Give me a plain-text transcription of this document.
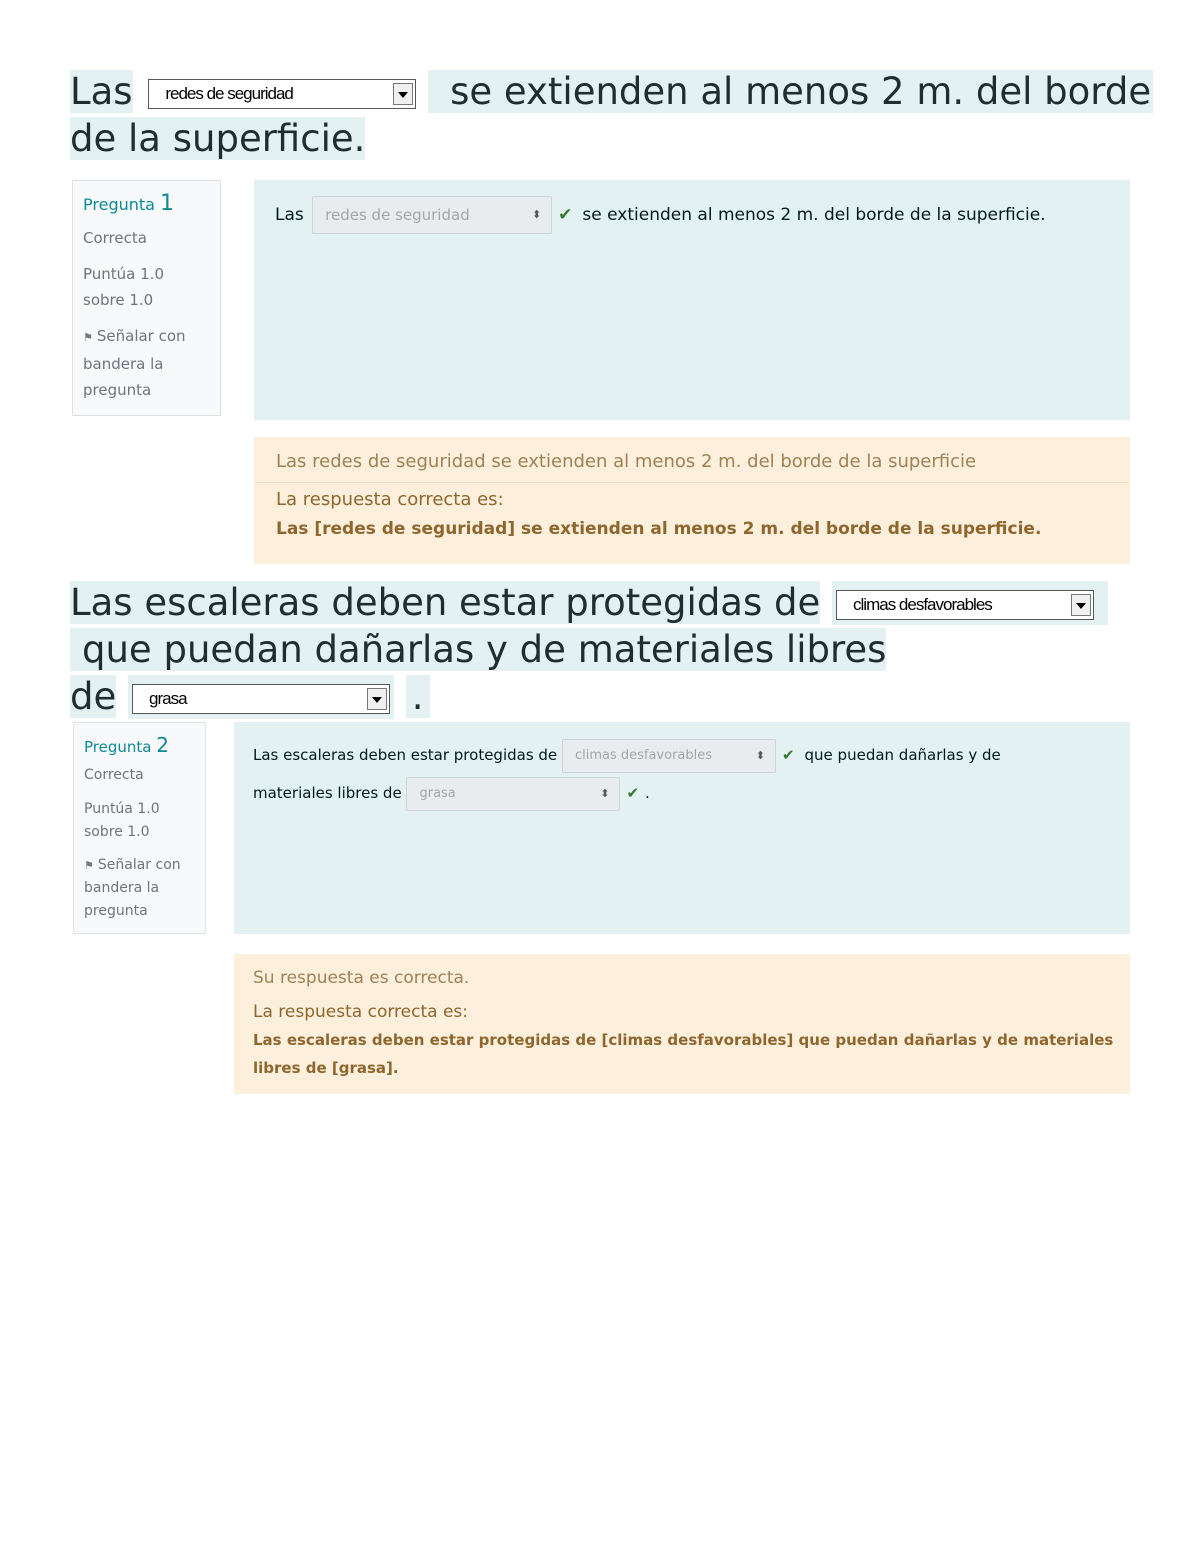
Las redes de seguridad	se extienden al menos 2 m. del borde
de la superficie.
Pregunta 1
Correcta
Puntúa 1.0
sobre 1.0
⚑ Señalar con
bandera la
pregunta
Las redes de seguridad ⬍	✔ se extienden al menos 2 m. del borde de la superficie.
Las redes de seguridad se extienden al menos 2 m. del borde de la superficie
La respuesta correcta es:
Las [redes de seguridad] se extienden al menos 2 m. del borde de la superficie.
Las escaleras deben estar protegidas de climas desfavorables
que puedan dañarlas y de materiales libres
de grasa	.
Pregunta 2
Correcta
Puntúa 1.0
sobre 1.0
⚑ Señalar con
bandera la
pregunta
Las escaleras deben estar protegidas de climas desfavorables ⬍	✔ que puedan dañarlas y de
materiales libres de grasa ⬍	✔ .
Su respuesta es correcta.
La respuesta correcta es:
Las escaleras deben estar protegidas de [climas desfavorables] que puedan dañarlas y de materiales
libres de [grasa].
